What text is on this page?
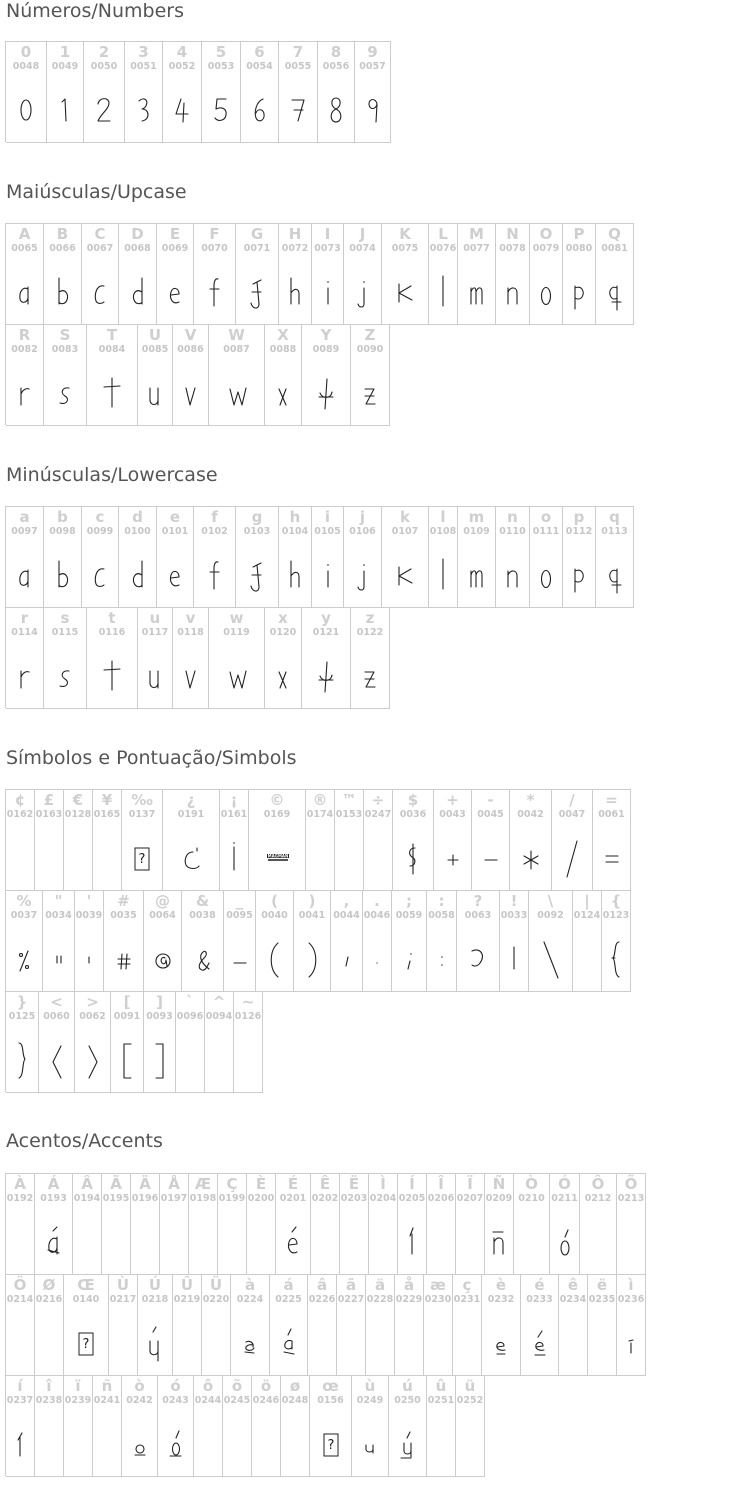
Números/Numbers
Maiúsculas/Upcase
Minúsculas/Lowercase
Símbolos e Pontuação/Simbols
Acentos/Accents
0
0048
1
0049
2
0050
3
0051
4
0052
5
0053
6
0054
7
0055
8
0056
9
0057
A
0065
B
0066
C
0067
D
0068
E
0069
F
0070
G
0071
H
0072
I
0073
J
0074
K
0075
L
0076
M
0077
N
0078
O
0079
P
0080
Q
0081
R
0082
S
0083
T
0084
U
0085
V
0086
W
0087
X
0088
Y
0089
Z
0090
a
0097
b
0098
c
0099
d
0100
e
0101
f
0102
g
0103
h
0104
i
0105
j
0106
k
0107
l
0108
m
0109
n
0110
o
0111
p
0112
q
0113
r
0114
s
0115
t
0116
u
0117
v
0118
w
0119
x
0120
y
0121
z
0122
¢
0162
£
0163
€
0128
¥
0165
‰
0137
?
¿
0191
¡
0161
©
0169
MAGMAN
®
0174
™
0153
÷
0247
$
0036
+
0043
-
0045
*
0042
/
0047
=
0061
%
0037
"
0034
'
0039
#
0035
@
0064
&
0038
_
0095
(
0040
)
0041
,
0044
.
0046
;
0059
:
0058
?
0063
!
0033
\
0092
|
0124
{
0123
}
0125
<
0060
>
0062
[
0091
]
0093
`
0096
^
0094
~
0126
À
0192
Á
0193
Â
0194
Ã
0195
Ä
0196
Å
0197
Æ
0198
Ç
0199
È
0200
É
0201
Ê
0202
Ë
0203
Ì
0204
Í
0205
Î
0206
Ï
0207
Ñ
0209
Ò
0210
Ó
0211
Ô
0212
Õ
0213
Ö
0214
Ø
0216
Œ
0140
?
Ù
0217
Ú
0218
Û
0219
Ü
0220
à
0224
á
0225
â
0226
ã
0227
ä
0228
å
0229
æ
0230
ç
0231
è
0232
é
0233
ê
0234
ë
0235
ì
0236
í
0237
î
0238
ï
0239
ñ
0241
ò
0242
ó
0243
ô
0244
õ
0245
ö
0246
ø
0248
œ
0156
?
ù
0249
ú
0250
û
0251
ü
0252
